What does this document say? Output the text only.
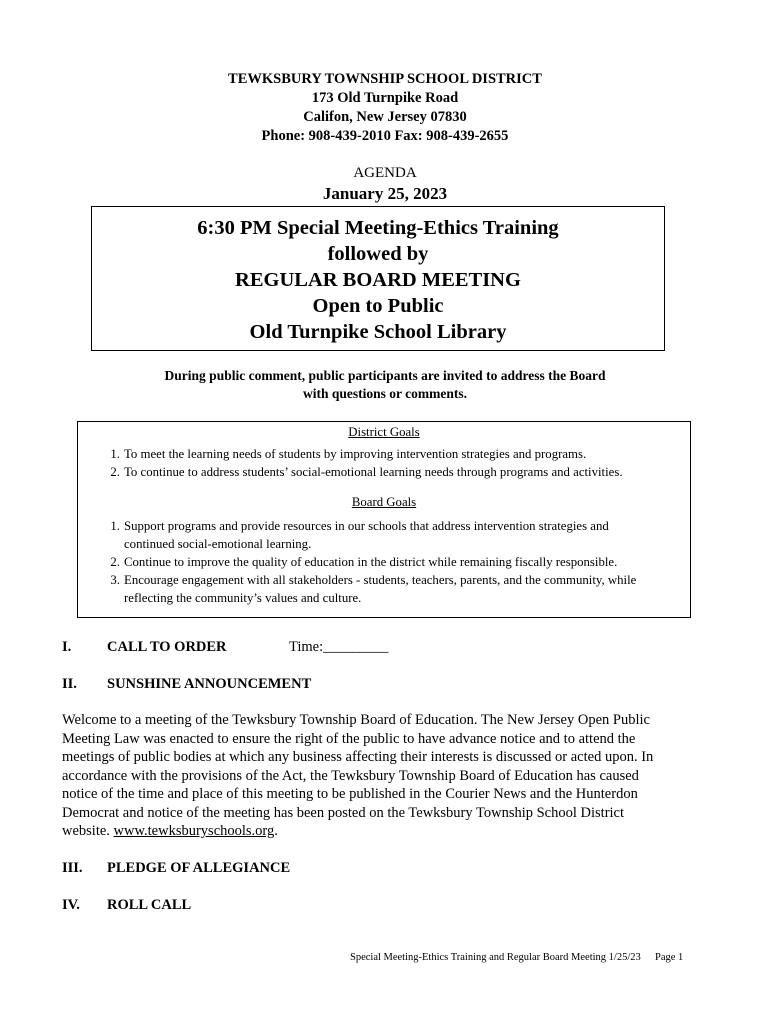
TEWKSBURY TOWNSHIP SCHOOL DISTRICT
173 Old Turnpike Road
Califon, New Jersey 07830
Phone: 908-439-2010 Fax: 908-439-2655
AGENDA
January 25, 2023
6:30 PM Special Meeting-Ethics Training
followed by
REGULAR BOARD MEETING
Open to Public
Old Turnpike School Library
During public comment, public participants are invited to address the Board
with questions or comments.
District Goals
1. To meet the learning needs of students by improving intervention strategies and programs.
2. To continue to address students’ social-emotional learning needs through programs and activities.
Board Goals
1. Support programs and provide resources in our schools that address intervention strategies and
continued social-emotional learning.
2. Continue to improve the quality of education in the district while remaining fiscally responsible.
3. Encourage engagement with all stakeholders - students, teachers, parents, and the community, while
reflecting the community’s values and culture.
I. CALL TO ORDER	Time:_________
II. SUNSHINE ANNOUNCEMENT
Welcome to a meeting of the Tewksbury Township Board of Education. The New Jersey Open Public
Meeting Law was enacted to ensure the right of the public to have advance notice and to attend the
meetings of public bodies at which any business affecting their interests is discussed or acted upon. In
accordance with the provisions of the Act, the Tewksbury Township Board of Education has caused
notice of the time and place of this meeting to be published in the Courier News and the Hunterdon
Democrat and notice of the meeting has been posted on the Tewksbury Township School District
website. www.tewksburyschools.org.
III. PLEDGE OF ALLEGIANCE
IV. ROLL CALL
Special Meeting-Ethics Training and Regular Board Meeting 1/25/23 Page 1
